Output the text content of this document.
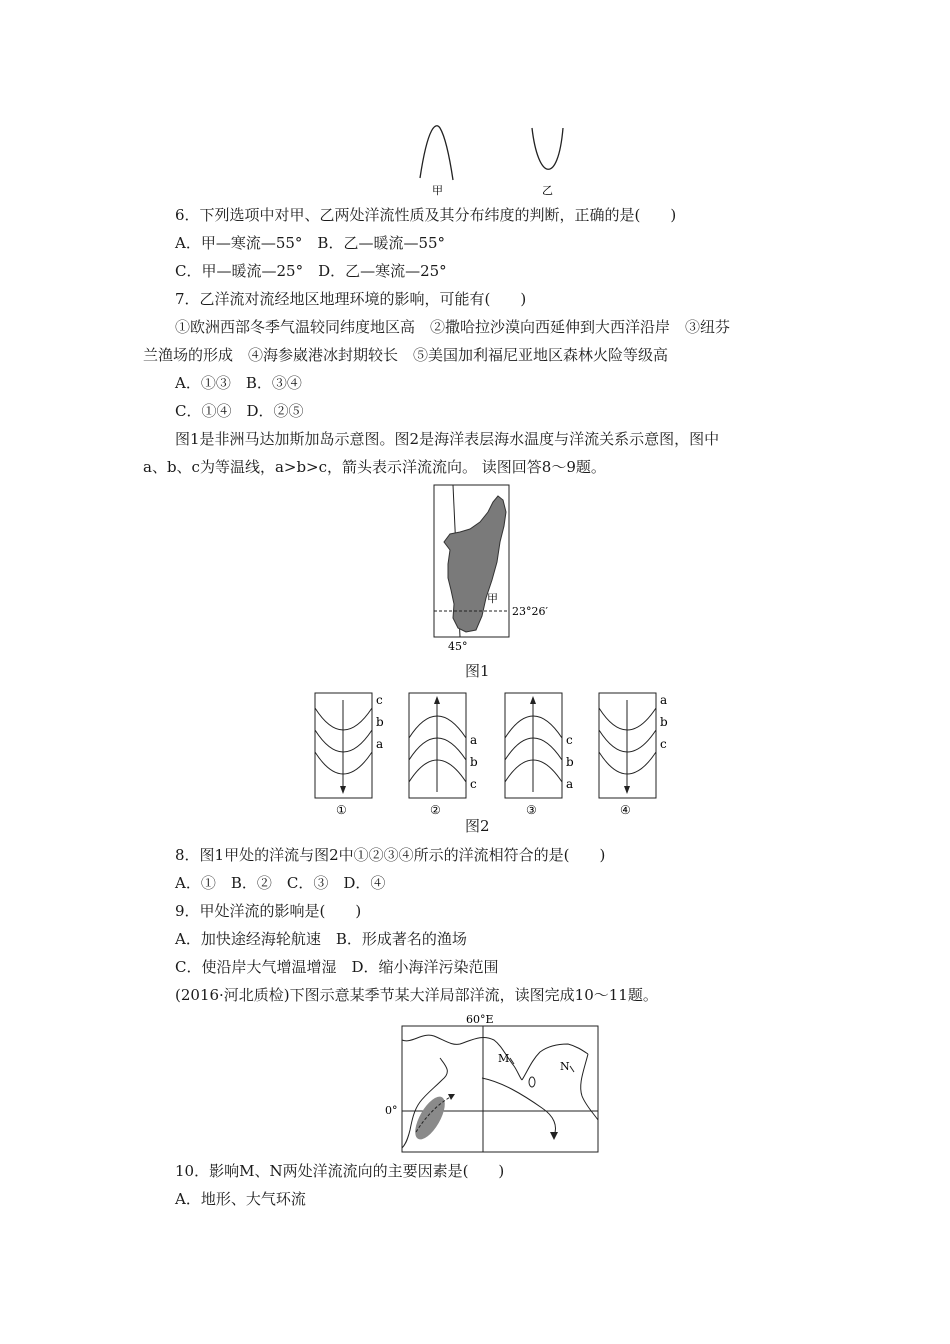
甲	乙
6．下列选项中对甲、乙两处洋流性质及其分布纬度的判断，正确的是(　　)
A．甲—寒流—55°　B．乙—暖流—55°
C．甲—暖流—25°　D．乙—寒流—25°
7．乙洋流对流经地区地理环境的影响，可能有(　　)
①欧洲西部冬季气温较同纬度地区高　②撒哈拉沙漠向西延伸到大西洋沿岸　③纽芬
兰渔场的形成　④海参崴港冰封期较长　⑤美国加利福尼亚地区森林火险等级高
A．①③　B．③④
C．①④　D．②⑤
图1是非洲马达加斯加岛示意图。图2是海洋表层海水温度与洋流关系示意图，图中
a、b、c为等温线，a>b>c，箭头表示洋流流向。 读图回答8～9题。
甲
23°26′
45°
图1
c
b
a
①
a
b
c
②
c
b
a
③
a
b
c
④
图2
8．图1甲处的洋流与图2中①②③④所示的洋流相符合的是(　　)
A．①　B．②　C．③　D．④
9．甲处洋流的影响是(　　)
A．加快途经海轮航速　B．形成著名的渔场
C．使沿岸大气增温增湿　D．缩小海洋污染范围
(2016·河北质检)下图示意某季节某大洋局部洋流，读图完成10～11题。
60°E
0°
M
N
10．影响M、N两处洋流流向的主要因素是(　　)
A．地形、大气环流
